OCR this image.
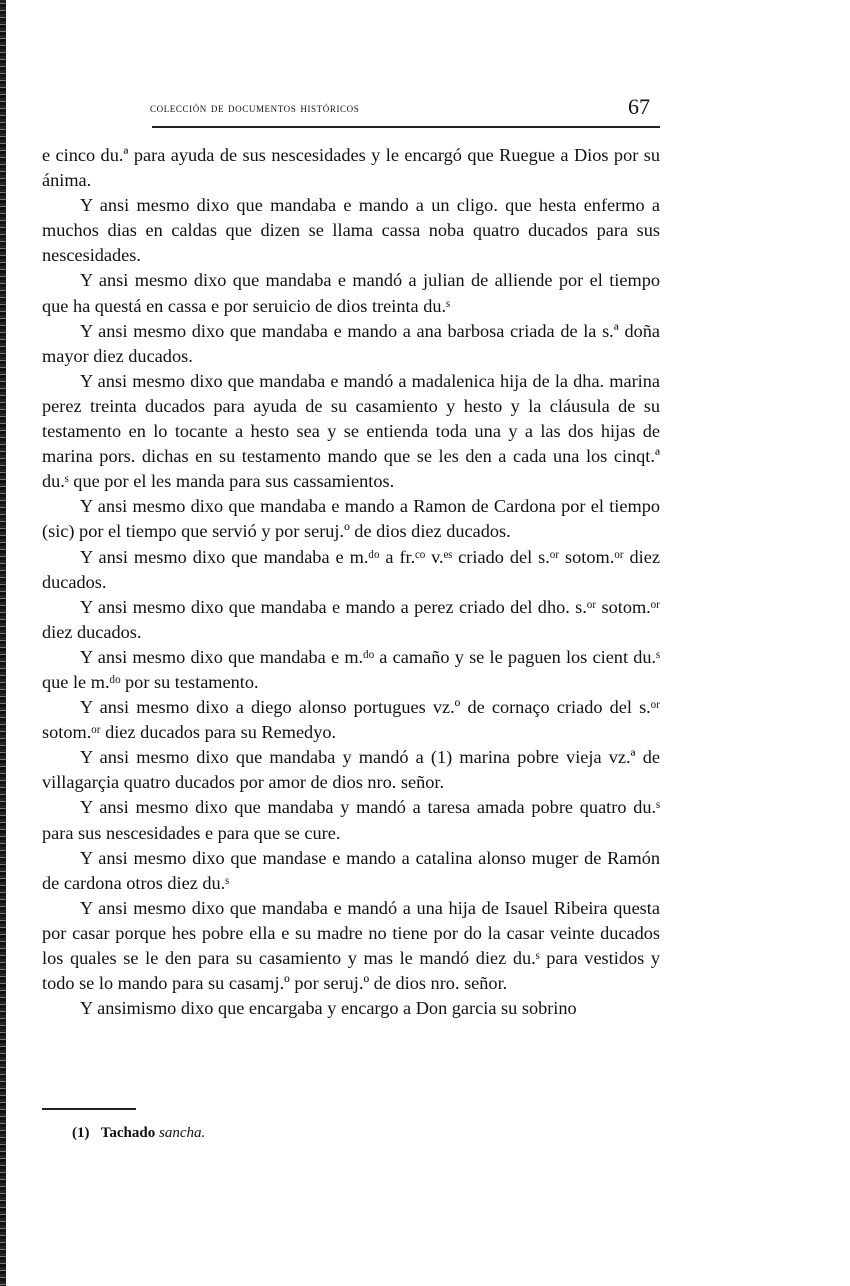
colección de documentos históricos	67

e cinco du.ª para ayuda de sus nescesidades y le encargó que Ruegue a Dios por su ánima.

Y ansi mesmo dixo que mandaba e mando a un cligo. que hesta enfermo a muchos dias en caldas que dizen se llama cassa noba quatro ducados para sus nescesidades.

Y ansi mesmo dixo que mandaba e mandó a julian de alliende por el tiempo que ha questá en cassa e por seruicio de dios treinta du.ˢ

Y ansi mesmo dixo que mandaba e mando a ana barbosa criada de la s.ª doña mayor diez ducados.

Y ansi mesmo dixo que mandaba e mandó a madalenica hija de la dha. marina perez treinta ducados para ayuda de su casamiento y hesto y la cláusula de su testamento en lo tocante a hesto sea y se entienda toda una y a las dos hijas de marina pors. dichas en su testamento mando que se les den a cada una los cinqt.ª du.ˢ que por el les manda para sus cassamientos.

Y ansi mesmo dixo que mandaba e mando a Ramon de Cardona por el tiempo (sic) por el tiempo que servió y por seruj.º de dios diez ducados.

Y ansi mesmo dixo que mandaba e m.ᵈᵒ a fr.ᶜᵒ v.ᵉˢ criado del s.ᵒʳ sotom.ᵒʳ diez ducados.

Y ansi mesmo dixo que mandaba e mando a perez criado del dho. s.ᵒʳ sotom.ᵒʳ diez ducados.

Y ansi mesmo dixo que mandaba e m.ᵈᵒ a camaño y se le paguen los cient du.ˢ que le m.ᵈᵒ por su testamento.

Y ansi mesmo dixo a diego alonso portugues vz.º de cornaço criado del s.ᵒʳ sotom.ᵒʳ diez ducados para su Remedyo.

Y ansi mesmo dixo que mandaba y mandó a (1) marina pobre vieja vz.ª de villagarçia quatro ducados por amor de dios nro. señor.

Y ansi mesmo dixo que mandaba y mandó a taresa amada pobre quatro du.ˢ para sus nescesidades e para que se cure.

Y ansi mesmo dixo que mandase e mando a catalina alonso muger de Ramón de cardona otros diez du.ˢ

Y ansi mesmo dixo que mandaba e mandó a una hija de Isauel Ribeira questa por casar porque hes pobre ella e su madre no tiene por do la casar veinte ducados los quales se le den para su casamiento y mas le mandó diez du.ˢ para vestidos y todo se lo mando para su casamj.º por seruj.º de dios nro. señor.

Y ansimismo dixo que encargaba y encargo a Don garcia su sobrino

(1) Tachado sancha.
